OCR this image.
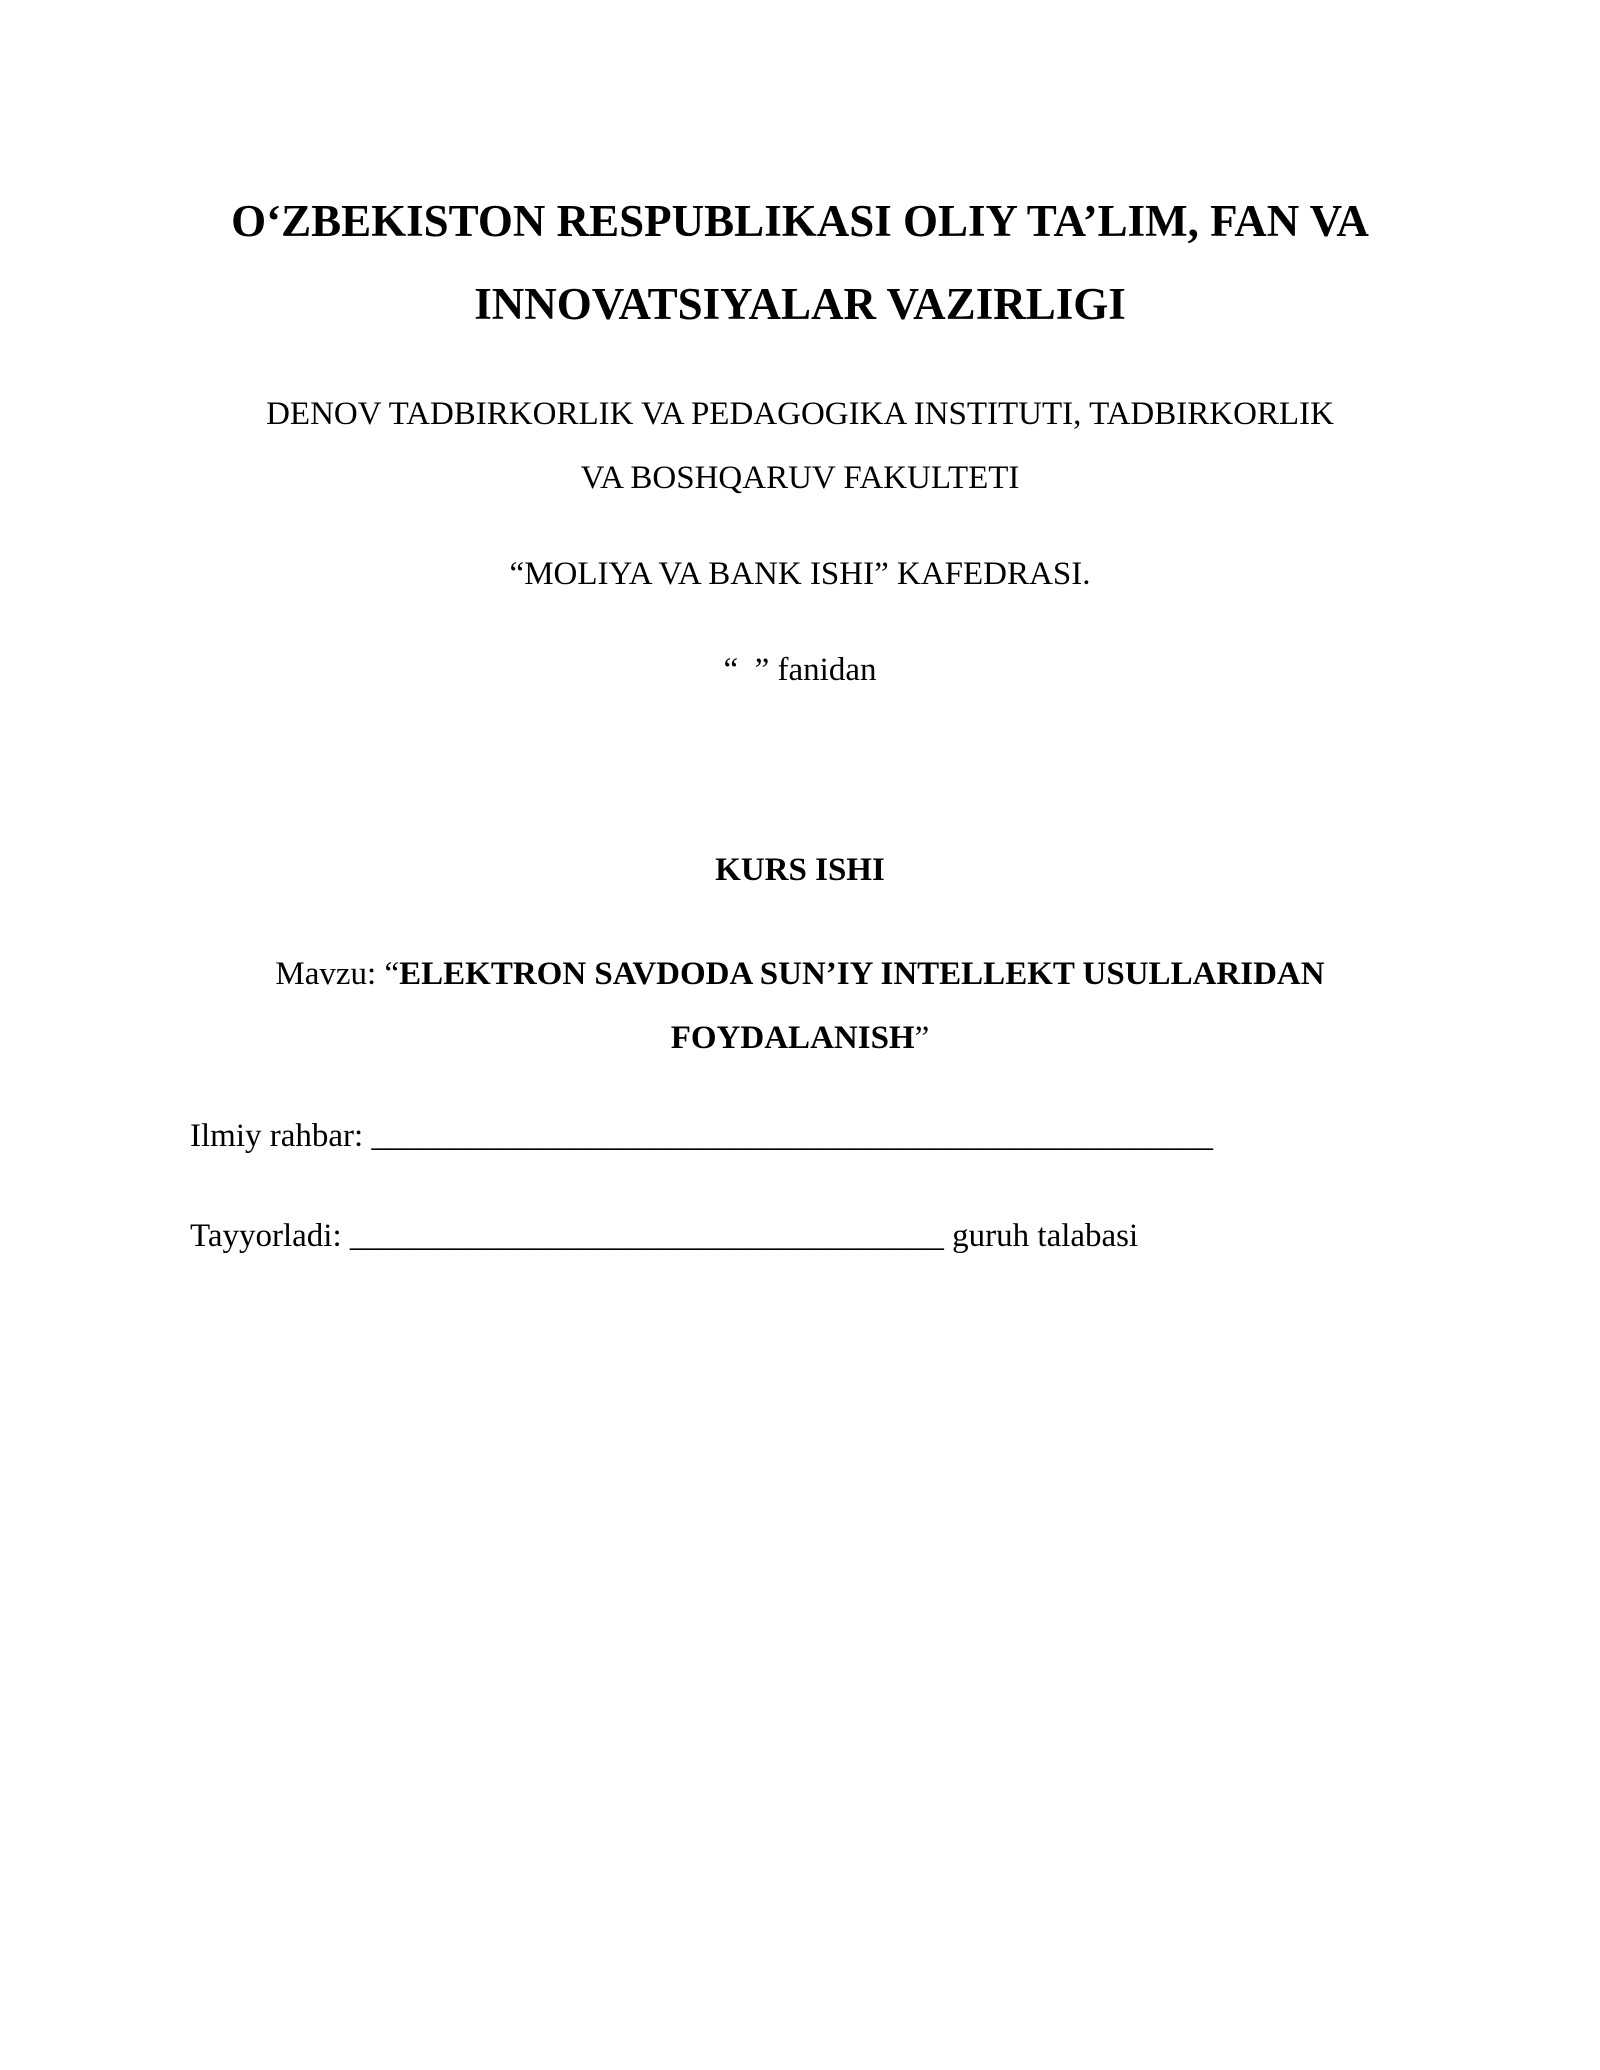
O‘ZBEKISTON RESPUBLIKASI OLIY TA’LIM, FAN VA
INNOVATSIYALAR VAZIRLIGI
DENOV TADBIRKORLIK VA PEDAGOGIKA INSTITUTI, TADBIRKORLIK
VA BOSHQARUV FAKULTETI
“MOLIYA VA BANK ISHI” KAFEDRASI.
“  ” fanidan
KURS ISHI
Mavzu: “ELEKTRON SAVDODA SUN’IY INTELLEKT USULLARIDAN
FOYDALANISH”
Ilmiy rahbar: ___________________________________________________
Tayyorladi: ____________________________________ guruh talabasi
